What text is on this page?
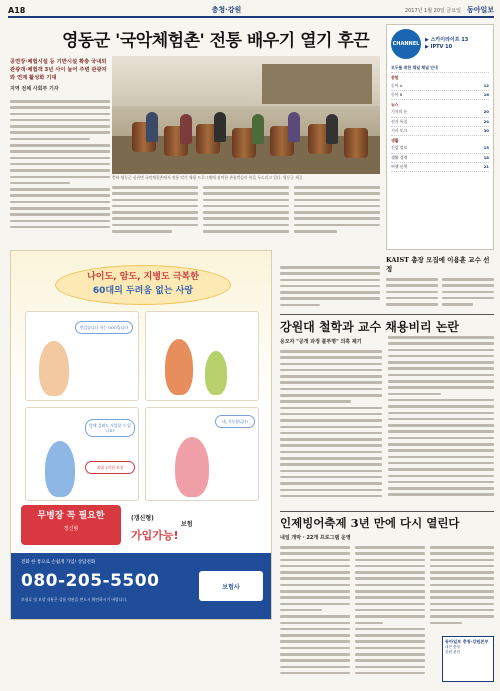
A18	충청·강원	2017년 1월 20일 금요일 동아일보
영동군 '국악체험촌' 전통 배우기 열기 후끈
공연장·체험시설 등 기반시설 확충 국내외 관광객·체험객 3년 사이 늘어 주변 관광지와 연계 활성화 기대
지역 전체 사회부 기자
충북 영동군 심천면 국악체험촌에서 전통 악기 체험 프로그램에 참여한 관광객들이 북을 두드리고 있다. 영동군 제공
CHANNEL
▶ 스카이라이프 13
▶ IPTV 10
모두를 위한 채널 채널 안내
종합
동아 A	12
동아 B	16
뉴스
기자의 눈	20
선거 특집	24
시사 토크	30
생활
건강 정보	15
생활 경제	18
여행 산책	21
KAIST 총장 모집에 이용훈 교수 선정
나이도, 암도, 지병도 극복한
60대의 두려움 없는 사랑
반갑습니다 저는 OOO입니다
암에 걸려도 가입할 수 있나요?
네, 가능합니다!
최대 1억원 보장
무병장 꼭 필요한
갱신형
(갱신형)
보험
가입가능!
전화 한 통으로 손쉽게 가입! 상담전화
080-205-5500
보험료 및 보장 내용은 상품 약관을 반드시 확인하시기 바랍니다.
보험사
강원대 철학과 교수 채용비리 논란
응모자 "공개 과정 불투명" 의혹 제기
인제빙어축제 3년 만에 다시 열린다
내일 개막 · 22개 프로그램 운영
동아일보 충청·강원본부
대전 충청
강원 춘천
